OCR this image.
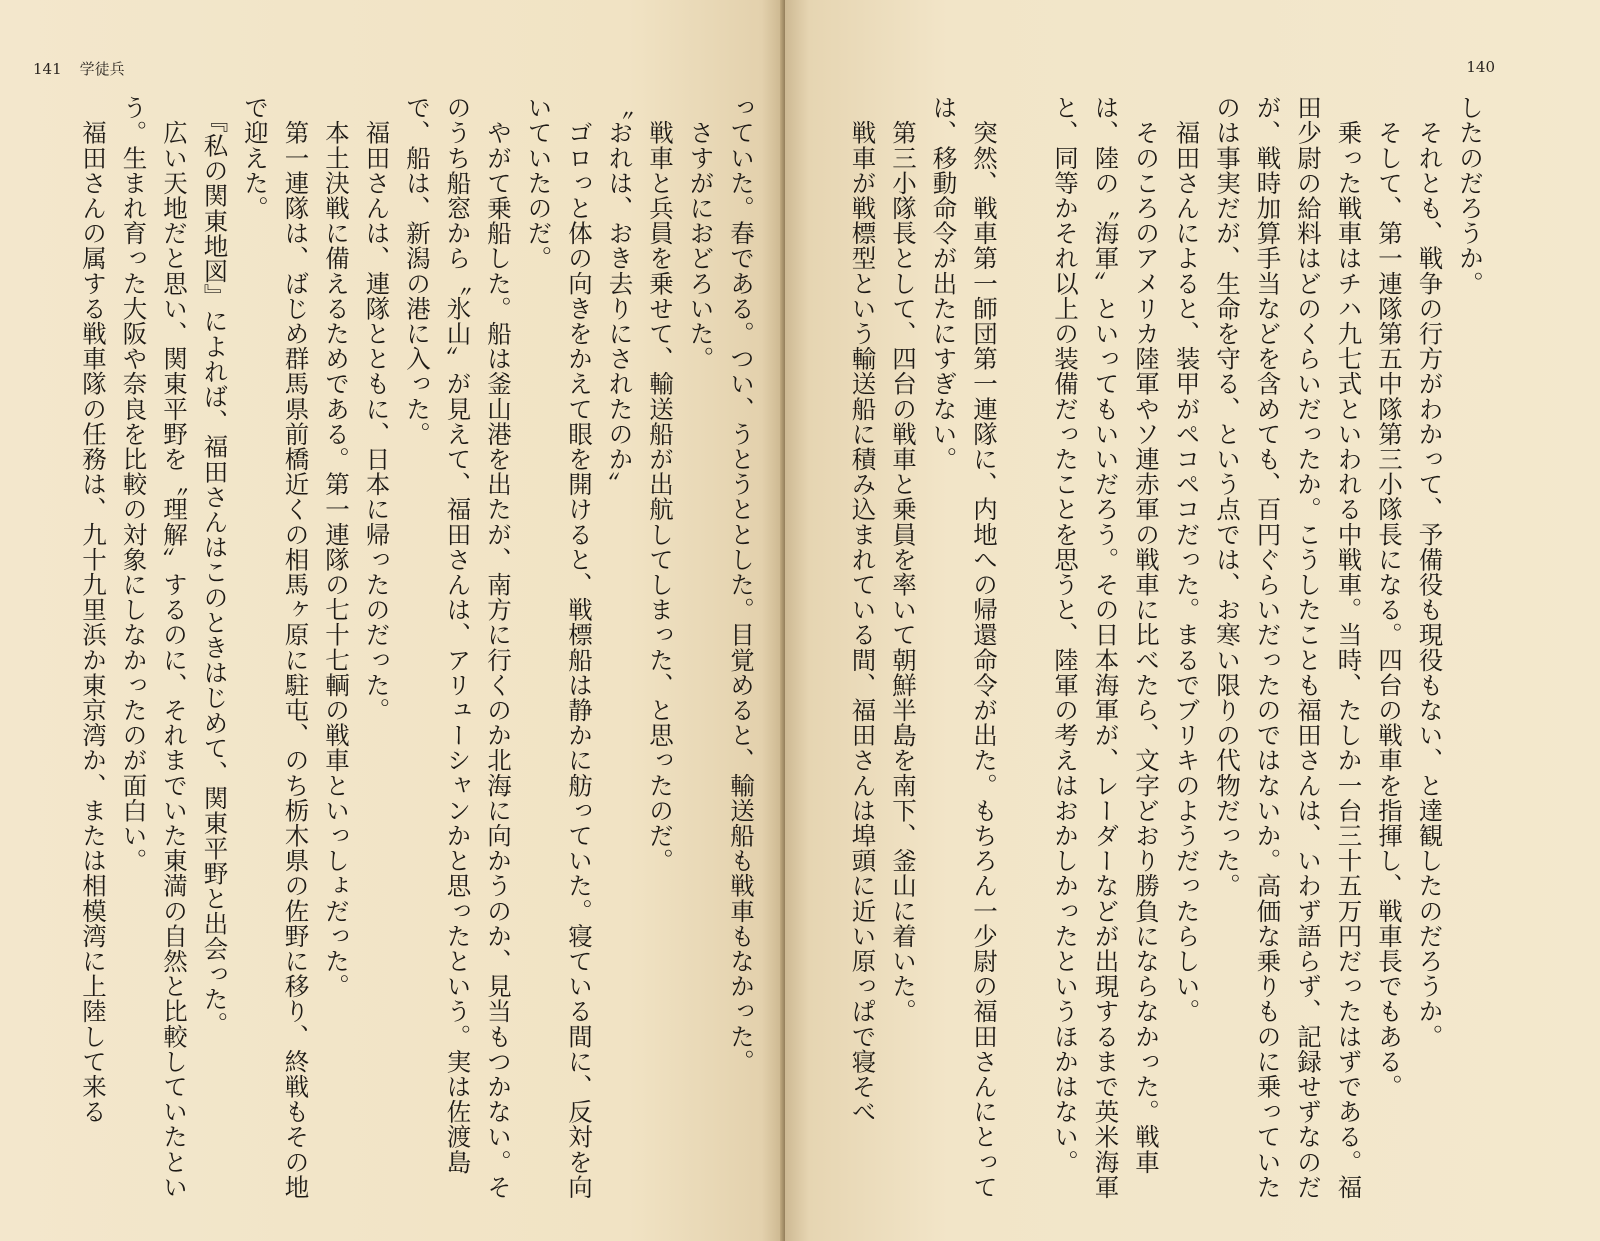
141 学徒兵
っていた。春である。つい、うとうととした。目覚めると、輸送船も戦車もなかった。
　さすがにおどろいた。
　戦車と兵員を乗せて、輸送船が出航してしまった、と思ったのだ。
〝おれは、おき去りにされたのか〟
　ゴロっと体の向きをかえて眼を開けると、戦標船は静かに舫っていた。寝ている間に、反対を向いていたのだ。
　やがて乗船した。船は釜山港を出たが、南方に行くのか北海に向かうのか、見当もつかない。そのうち船窓から〝氷山〟が見えて、福田さんは、アリューシャンかと思ったという。実は佐渡島で、船は、新潟の港に入った。
　福田さんは、連隊とともに、日本に帰ったのだった。
　本土決戦に備えるためである。第一連隊の七十七輌の戦車といっしょだった。
　第一連隊は、ばじめ群馬県前橋近くの相馬ヶ原に駐屯、のち栃木県の佐野に移り、終戦もその地で迎えた。
　『私の関東地図』によれば、福田さんはこのときはじめて、関東平野と出会った。
　広い天地だと思い、関東平野を〝理解〟するのに、それまでいた東満の自然と比較していたという。生まれ育った大阪や奈良を比較の対象にしなかったのが面白い。
　福田さんの属する戦車隊の任務は、九十九里浜か東京湾か、または相模湾に上陸して来る
140
したのだろうか。
　それとも、戦争の行方がわかって、予備役も現役もない、と達観したのだろうか。
　そして、第一連隊第五中隊第三小隊長になる。四台の戦車を指揮し、戦車長でもある。
　乗った戦車はチハ九七式といわれる中戦車。当時、たしか一台三十五万円だったはずである。福田少尉の給料はどのくらいだったか。こうしたことも福田さんは、いわず語らず、記録せずなのだが、戦時加算手当などを含めても、百円ぐらいだったのではないか。高価な乗りものに乗っていたのは事実だが、生命を守る、という点では、お寒い限りの代物だった。
　福田さんによると、装甲がペコペコだった。まるでブリキのようだったらしい。
　そのころのアメリカ陸軍やソ連赤軍の戦車に比べたら、文字どおり勝負にならなかった。戦車は、陸の〝海軍〟といってもいいだろう。その日本海軍が、レーダーなどが出現するまで英米海軍と、同等かそれ以上の装備だったことを思うと、陸軍の考えはおかしかったというほかはない。

　突然、戦車第一師団第一連隊に、内地への帰還命令が出た。もちろん一少尉の福田さんにとっては、移動命令が出たにすぎない。
　第三小隊長として、四台の戦車と乗員を率いて朝鮮半島を南下、釜山に着いた。
　戦車が戦標型という輸送船に積み込まれている間、福田さんは埠頭に近い原っぱで寝そべ
